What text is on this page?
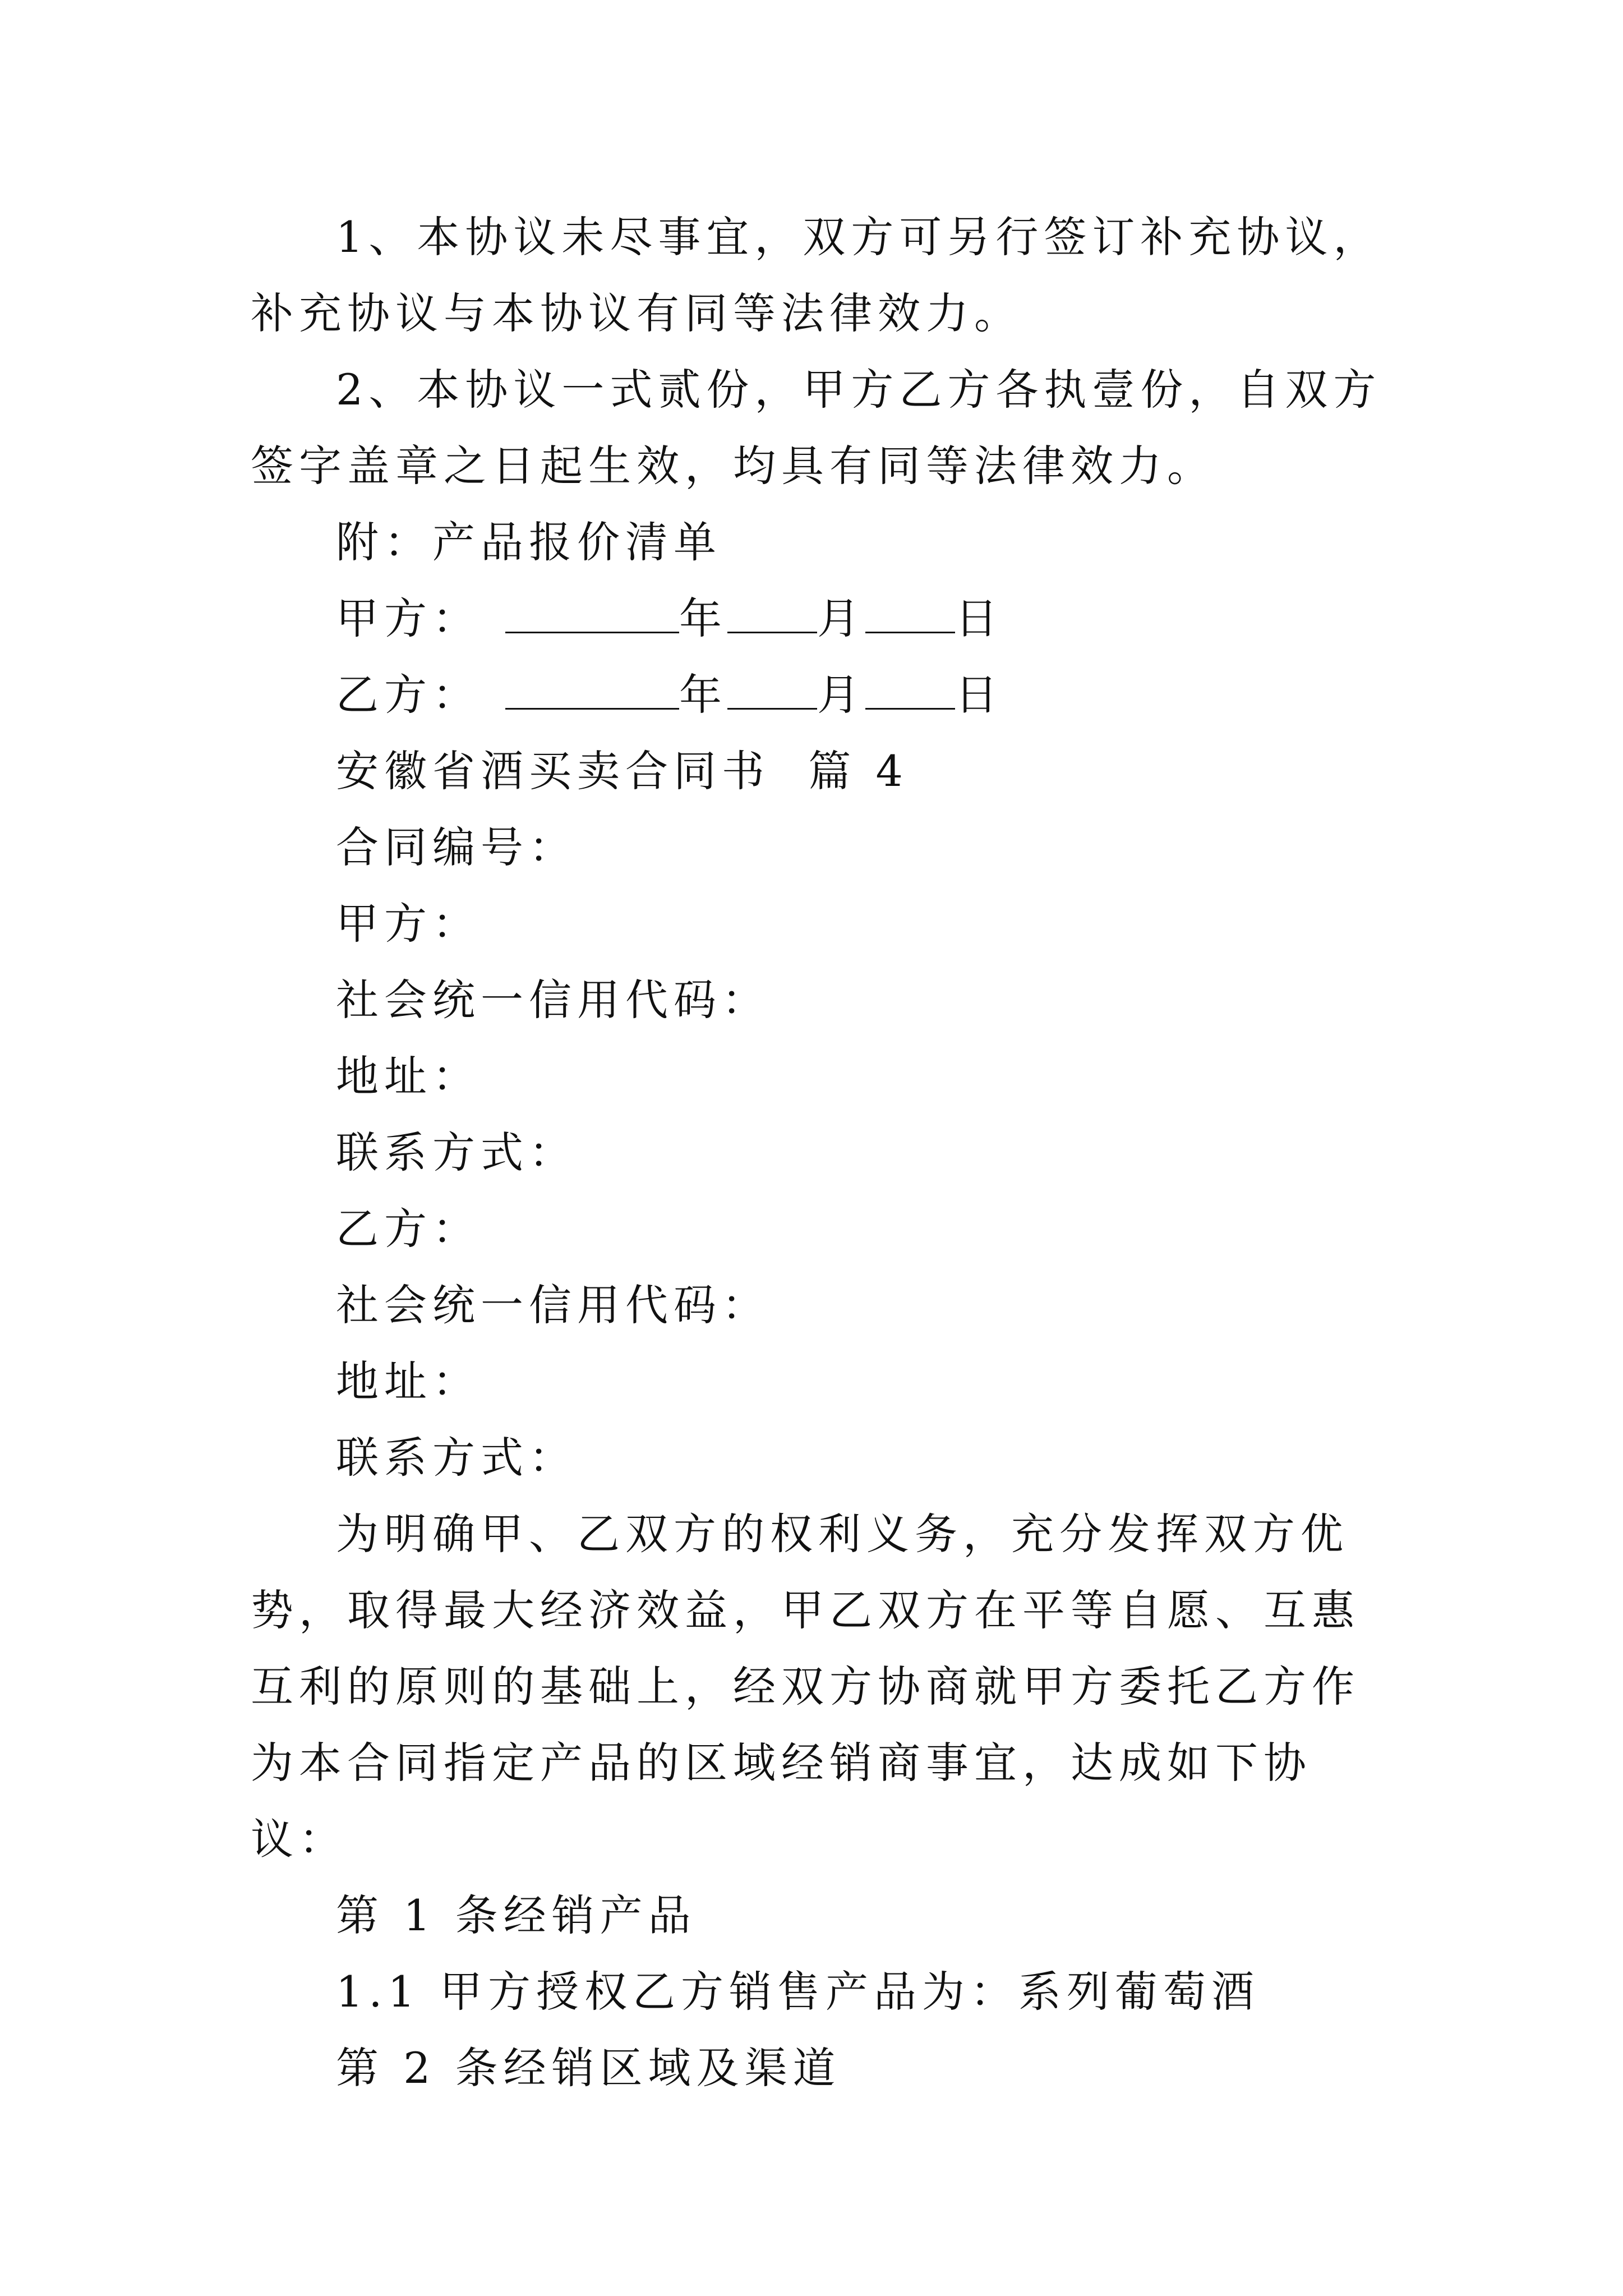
1、本协议未尽事宜，双方可另行签订补充协议，补充协议与本协议有同等法律效力。

2、本协议一式贰份，甲方乙方各执壹份，自双方签字盖章之日起生效，均具有同等法律效力。

附：产品报价清单

甲方：	年 月 日

乙方：	年 月 日

安徽省酒买卖合同书  篇 4

合同编号：

甲方：

社会统一信用代码：

地址：

联系方式：

乙方：

社会统一信用代码：

地址：

联系方式：

为明确甲、乙双方的权利义务，充分发挥双方优势，取得最大经济效益，甲乙双方在平等自愿、互惠互利的原则的基础上，经双方协商就甲方委托乙方作为本合同指定产品的区域经销商事宜，达成如下协议：

第 1 条经销产品

1.1 甲方授权乙方销售产品为：系列葡萄酒

第 2 条经销区域及渠道
